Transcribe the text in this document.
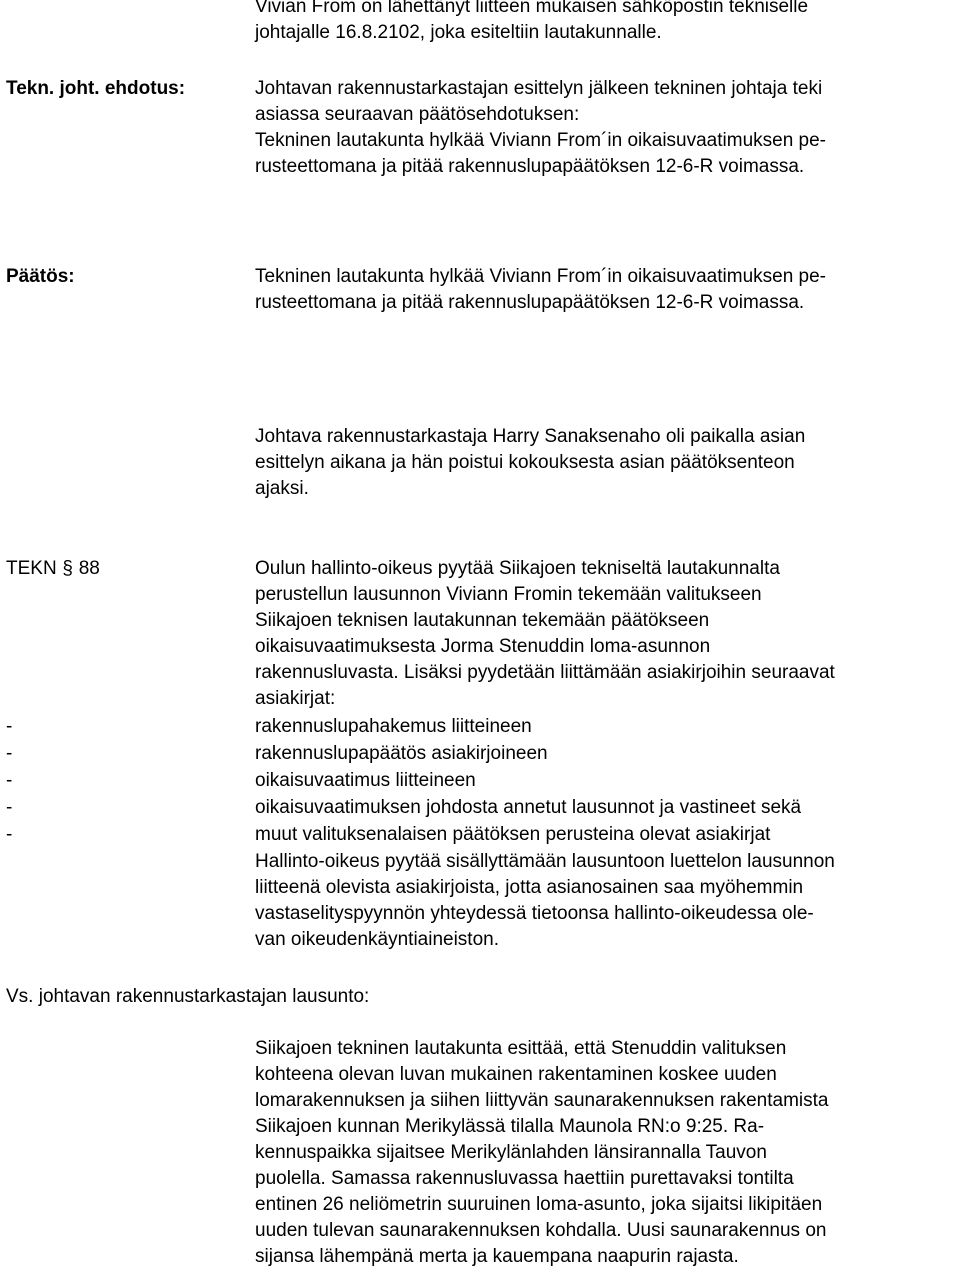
Vivian From on lähettänyt liitteen mukaisen sähköpostin tekniselle
johtajalle 16.8.2102, joka esiteltiin lautakunnalle.
Tekn. joht. ehdotus:	Johtavan rakennustarkastajan esittelyn jälkeen tekninen johtaja teki
asiassa seuraavan päätösehdotuksen:
Tekninen lautakunta hylkää Viviann From´in oikaisuvaatimuksen pe-
rusteettomana ja pitää rakennuslupapäätöksen 12-6-R voimassa.
Päätös:	Tekninen lautakunta hylkää Viviann From´in oikaisuvaatimuksen pe-
rusteettomana ja pitää rakennuslupapäätöksen 12-6-R voimassa.
Johtava rakennustarkastaja Harry Sanaksenaho oli paikalla asian
esittelyn aikana ja hän poistui kokouksesta asian päätöksenteon
ajaksi.
TEKN § 88	Oulun hallinto-oikeus pyytää Siikajoen tekniseltä lautakunnalta
perustellun lausunnon Viviann Fromin tekemään valitukseen
Siikajoen teknisen lautakunnan tekemään päätökseen
oikaisuvaatimuksesta Jorma Stenuddin loma-asunnon
rakennusluvasta. Lisäksi pyydetään liittämään asiakirjoihin seuraavat
asiakirjat:
-	rakennuslupahakemus liitteineen
-	rakennuslupapäätös asiakirjoineen
-	oikaisuvaatimus liitteineen
-	oikaisuvaatimuksen johdosta annetut lausunnot ja vastineet sekä
-	muut valituksenalaisen päätöksen perusteina olevat asiakirjat
Hallinto-oikeus pyytää sisällyttämään lausuntoon luettelon lausunnon
liitteenä olevista asiakirjoista, jotta asianosainen saa myöhemmin
vastaselityspyynnön yhteydessä tietoonsa hallinto-oikeudessa ole-
van oikeudenkäyntiaineiston.
Vs. johtavan rakennustarkastajan lausunto:
Siikajoen tekninen lautakunta esittää, että Stenuddin valituksen
kohteena olevan luvan mukainen rakentaminen koskee uuden
lomarakennuksen ja siihen liittyvän saunarakennuksen rakentamista
Siikajoen kunnan Merikylässä tilalla Maunola RN:o 9:25. Ra-
kennuspaikka sijaitsee Merikylänlahden länsirannalla Tauvon
puolella. Samassa rakennusluvassa haettiin purettavaksi tontilta
entinen 26 neliömetrin suuruinen loma-asunto, joka sijaitsi likipitäen
uuden tulevan saunarakennuksen kohdalla. Uusi saunarakennus on
sijansa lähempänä merta ja kauempana naapurin rajasta.
